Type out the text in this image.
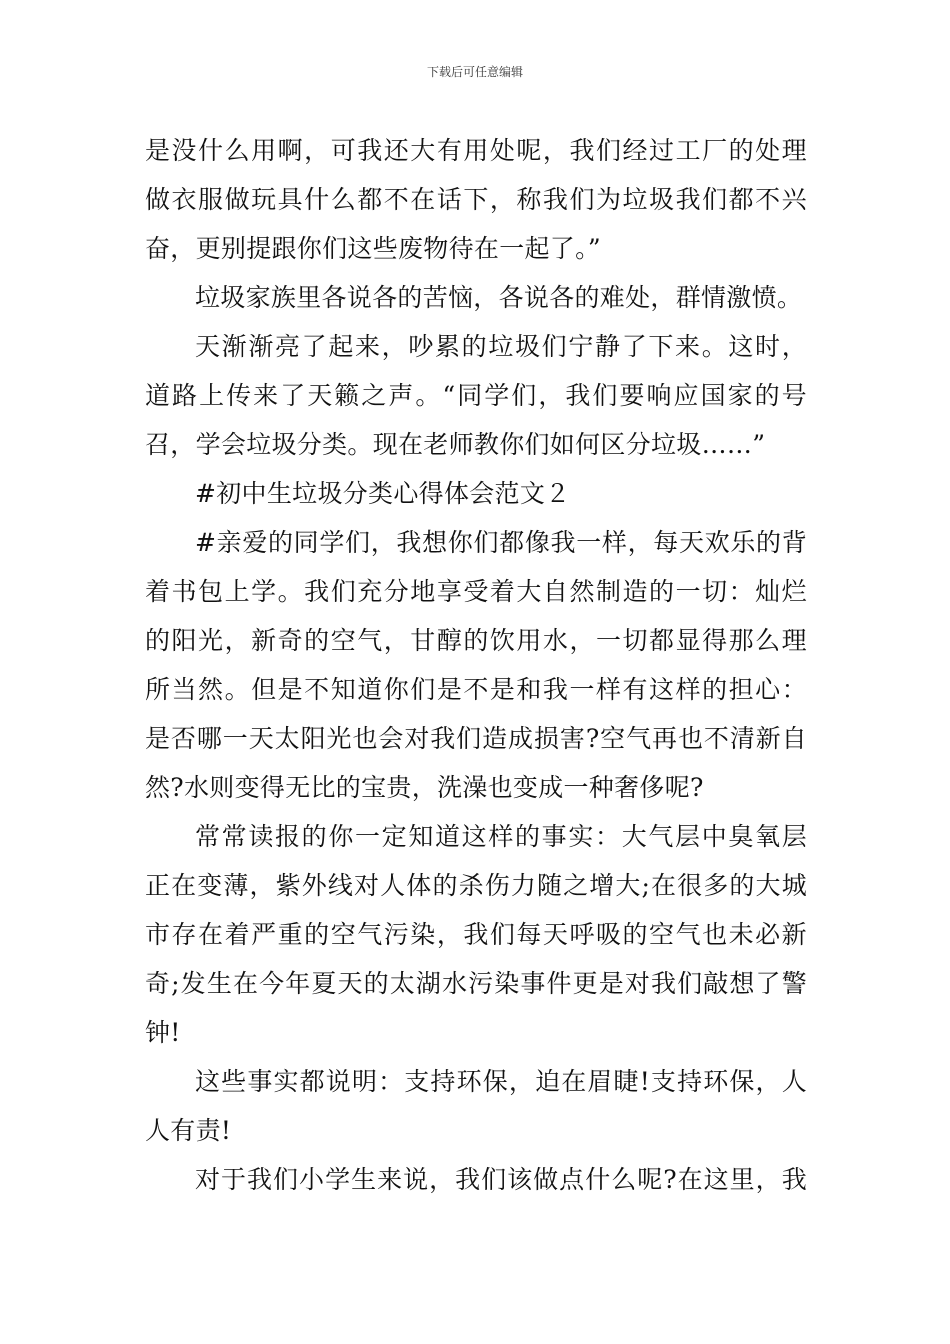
下载后可任意编辑
是没什么用啊，可我还大有用处呢，我们经过工厂的处理
做衣服做玩具什么都不在话下，称我们为垃圾我们都不兴
奋，更别提跟你们这些废物待在一起了。”
垃圾家族里各说各的苦恼，各说各的难处，群情激愤。
天渐渐亮了起来，吵累的垃圾们宁静了下来。这时，
道路上传来了天籁之声。“同学们，我们要响应国家的号
召，学会垃圾分类。现在老师教你们如何区分垃圾……”
#初中生垃圾分类心得体会范文２
#亲爱的同学们，我想你们都像我一样，每天欢乐的背
着书包上学。我们充分地享受着大自然制造的一切：灿烂
的阳光，新奇的空气，甘醇的饮用水，一切都显得那么理
所当然。但是不知道你们是不是和我一样有这样的担心：
是否哪一天太阳光也会对我们造成损害?空气再也不清新自
然?水则变得无比的宝贵，洗澡也变成一种奢侈呢?
常常读报的你一定知道这样的事实：大气层中臭氧层
正在变薄，紫外线对人体的杀伤力随之增大;在很多的大城
市存在着严重的空气污染，我们每天呼吸的空气也未必新
奇;发生在今年夏天的太湖水污染事件更是对我们敲想了警
钟!
这些事实都说明：支持环保，迫在眉睫!支持环保，人
人有责!
对于我们小学生来说，我们该做点什么呢?在这里，我
